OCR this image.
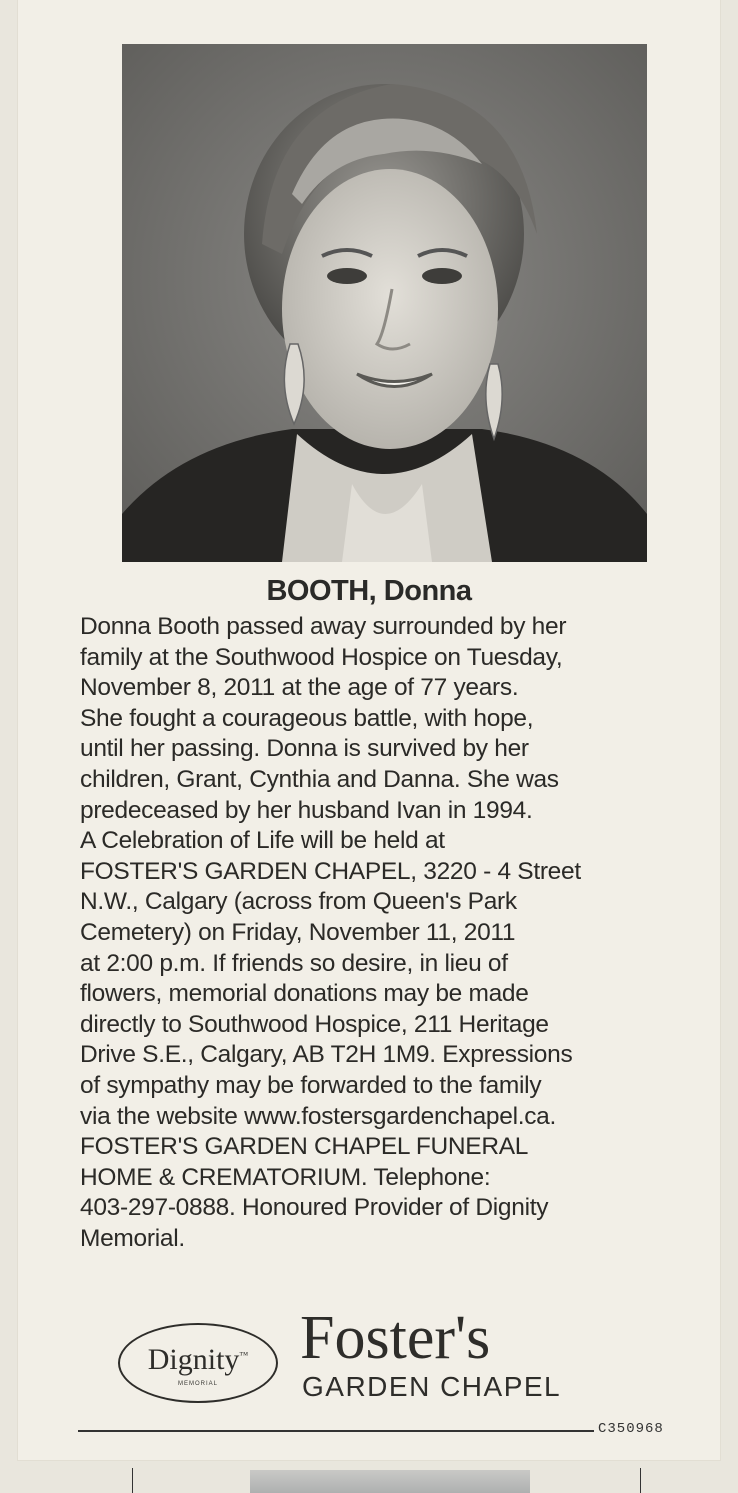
BOOTH, Donna

Donna Booth passed away surrounded by her

family at the Southwood Hospice on Tuesday,

November 8, 2011 at the age of 77 years.

She fought a courageous battle, with hope,

until her passing. Donna is survived by her

children, Grant, Cynthia and Danna. She was

predeceased by her husband Ivan in 1994.

A Celebration of Life will be held at

FOSTER'S GARDEN CHAPEL, 3220 - 4 Street

N.W., Calgary (across from Queen's Park

Cemetery) on Friday, November 11, 2011

at 2:00 p.m. If friends so desire, in lieu of

flowers, memorial donations may be made

directly to Southwood Hospice, 211 Heritage

Drive S.E., Calgary, AB T2H 1M9. Expressions

of sympathy may be forwarded to the family

via the website www.fostersgardenchapel.ca.

FOSTER'S GARDEN CHAPEL FUNERAL

HOME & CREMATORIUM. Telephone:

403-297-0888. Honoured Provider of Dignity

Memorial.

Dignity™
MEMORIAL
Foster's
GARDEN CHAPEL
C350968
